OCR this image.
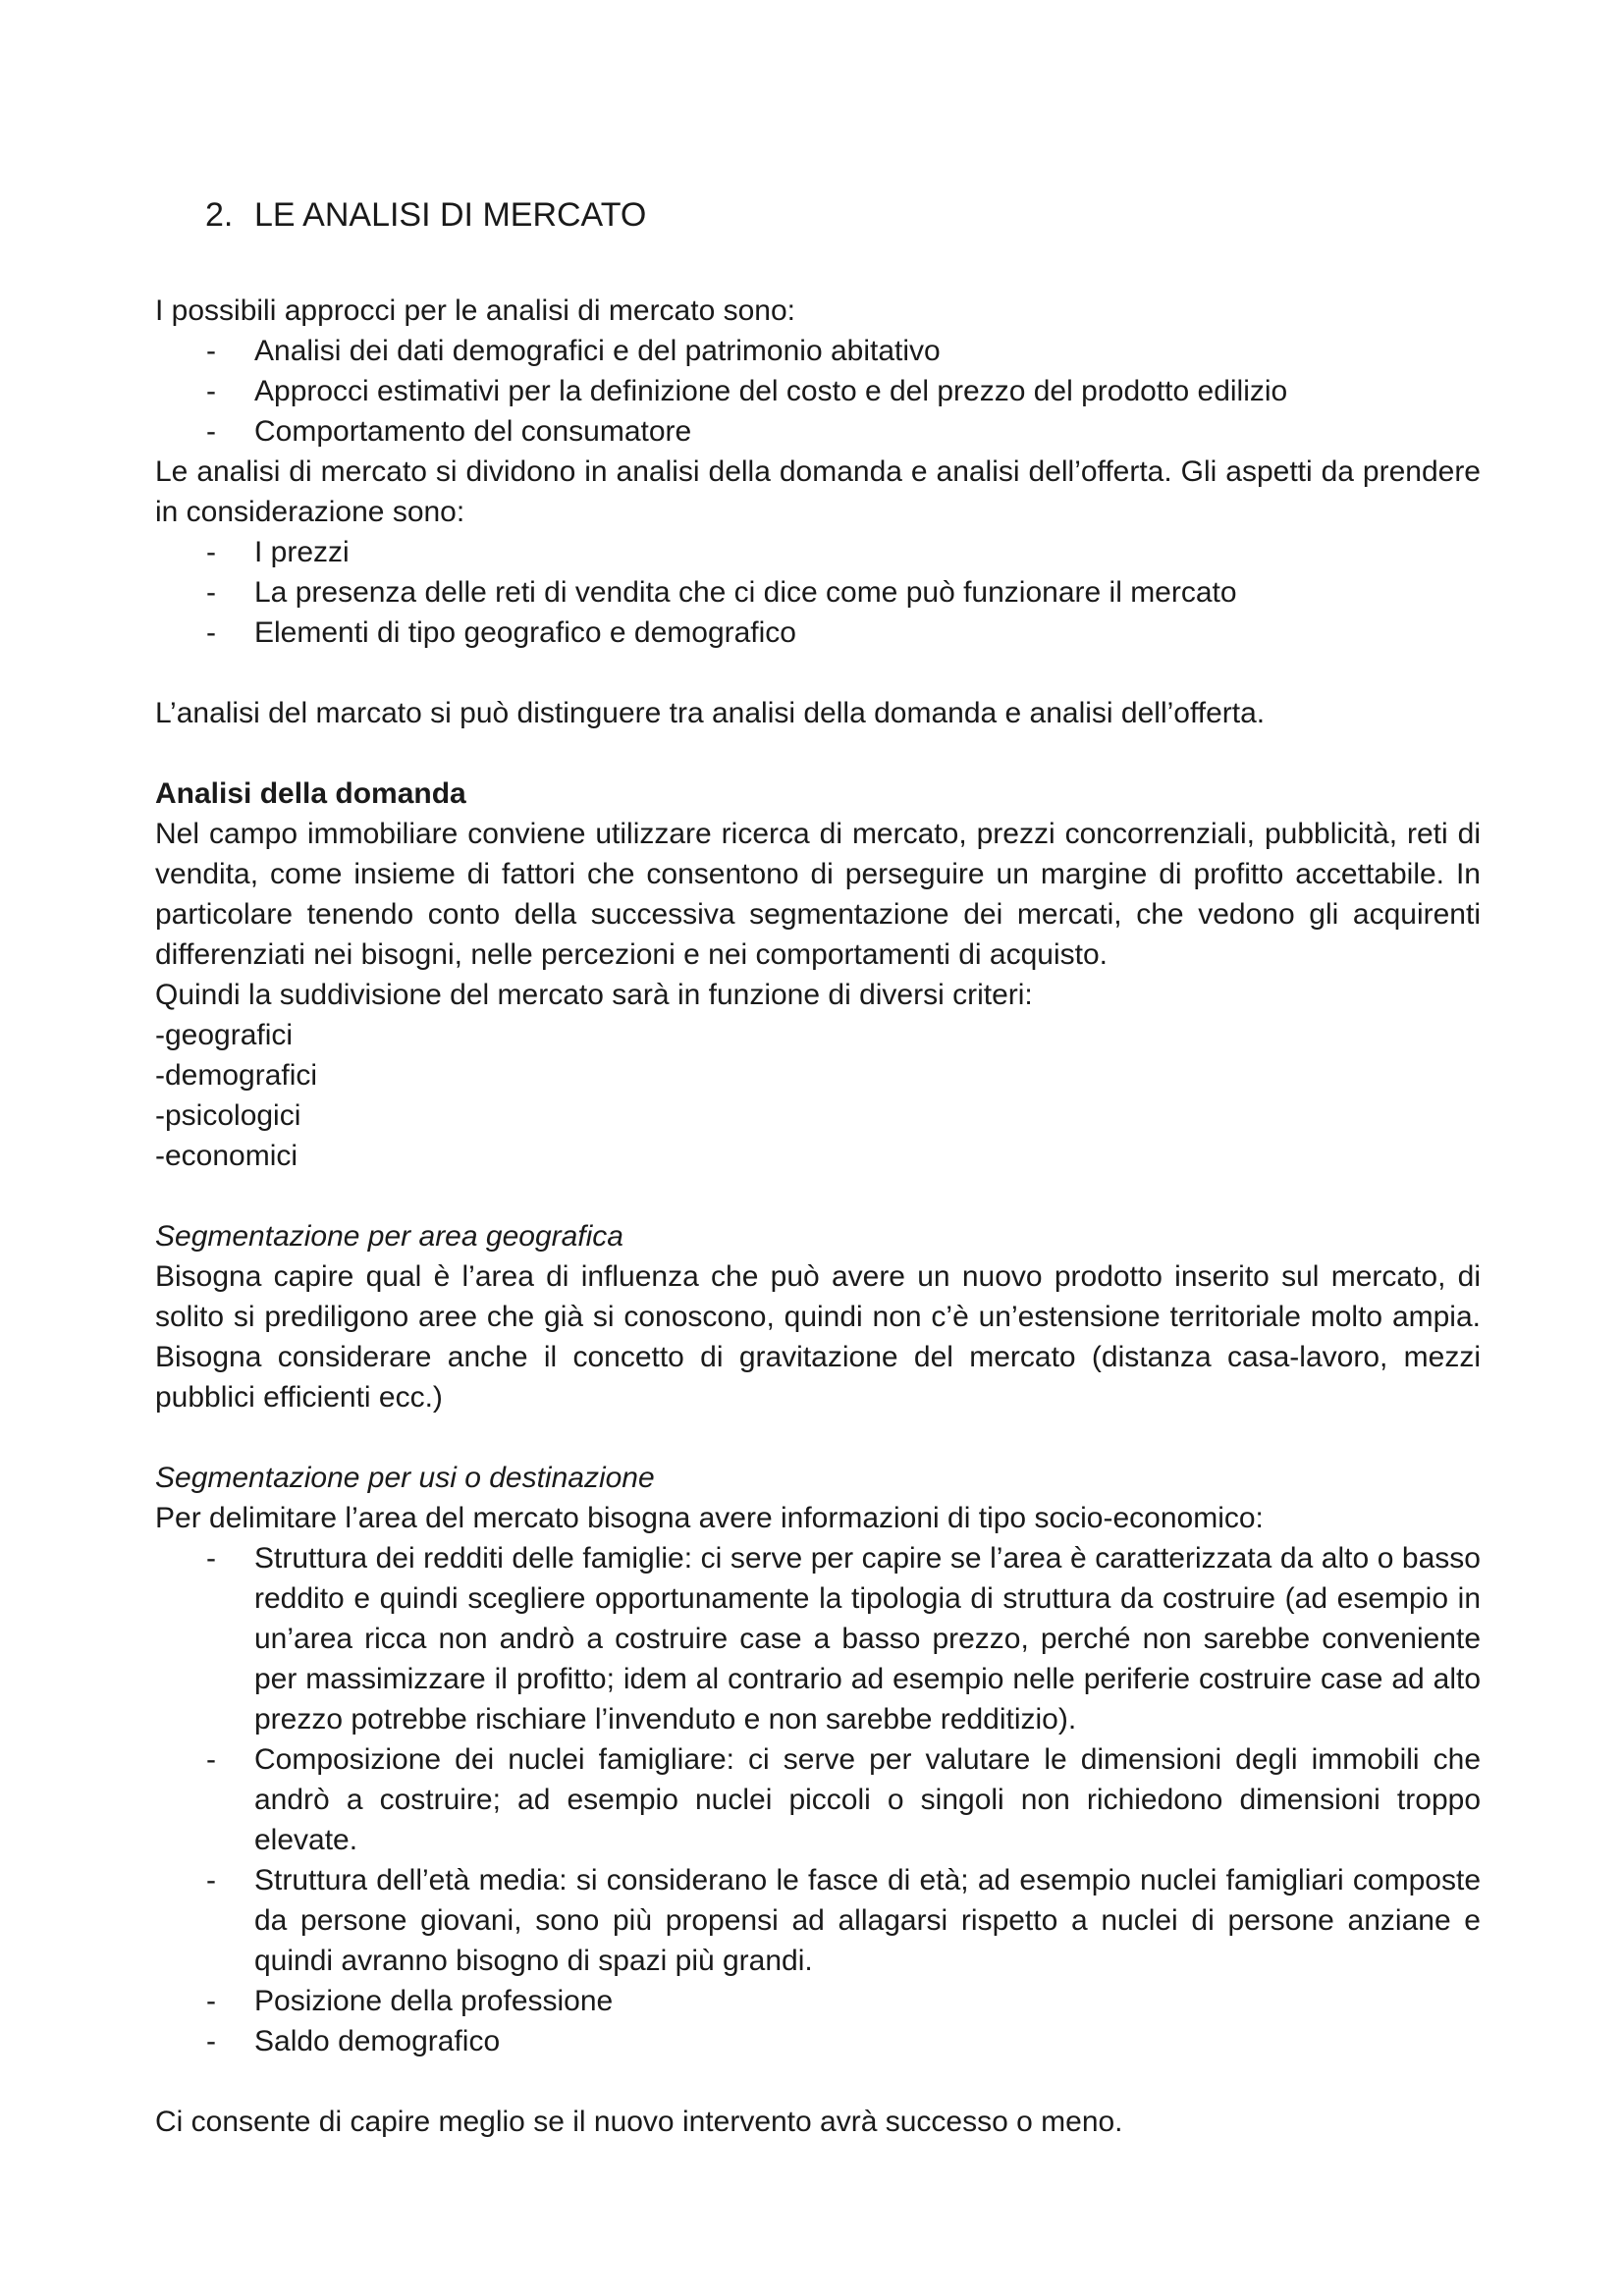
2. LE ANALISI DI MERCATO

I possibili approcci per le analisi di mercato sono:

- Analisi dei dati demografici e del patrimonio abitativo
- Approcci estimativi per la definizione del costo e del prezzo del prodotto edilizio
- Comportamento del consumatore

Le analisi di mercato si dividono in analisi della domanda e analisi dell’offerta. Gli aspetti da prendere in considerazione sono:

- I prezzi
- La presenza delle reti di vendita che ci dice come può funzionare il mercato
- Elementi di tipo geografico e demografico

L’analisi del marcato si può distinguere tra analisi della domanda e analisi dell’offerta.

Analisi della domanda

Nel campo immobiliare conviene utilizzare ricerca di mercato, prezzi concorrenziali, pubblicità, reti di vendita, come insieme di fattori che consentono di perseguire un margine di profitto accettabile. In particolare tenendo conto della successiva segmentazione dei mercati, che vedono gli acquirenti differenziati nei bisogni, nelle percezioni e nei comportamenti di acquisto.

Quindi la suddivisione del mercato sarà in funzione di diversi criteri:

-geografici
-demografici
-psicologici
-economici

Segmentazione per area geografica

Bisogna capire qual è l’area di influenza che può avere un nuovo prodotto inserito sul mercato, di solito si prediligono aree che già si conoscono, quindi non c’è un’estensione territoriale molto ampia. Bisogna considerare anche il concetto di gravitazione del mercato (distanza casa-lavoro, mezzi pubblici efficienti ecc.)

Segmentazione per usi o destinazione

Per delimitare l’area del mercato bisogna avere informazioni di tipo socio-economico:

- Struttura dei redditi delle famiglie: ci serve per capire se l’area è caratterizzata da alto o basso reddito e quindi scegliere opportunamente la tipologia di struttura da costruire (ad esempio in un’area ricca non andrò a costruire case a basso prezzo, perché non sarebbe conveniente per massimizzare il profitto; idem al contrario ad esempio nelle periferie costruire case ad alto prezzo potrebbe rischiare l’invenduto e non sarebbe redditizio).
- Composizione dei nuclei famigliare: ci serve per valutare le dimensioni degli immobili che andrò a costruire; ad esempio nuclei piccoli o singoli non richiedono dimensioni troppo elevate.
- Struttura dell’età media: si considerano le fasce di età; ad esempio nuclei famigliari composte da persone giovani, sono più propensi ad allagarsi rispetto a nuclei di persone anziane e quindi avranno bisogno di spazi più grandi.
- Posizione della professione
- Saldo demografico

Ci consente di capire meglio se il nuovo intervento avrà successo o meno.
